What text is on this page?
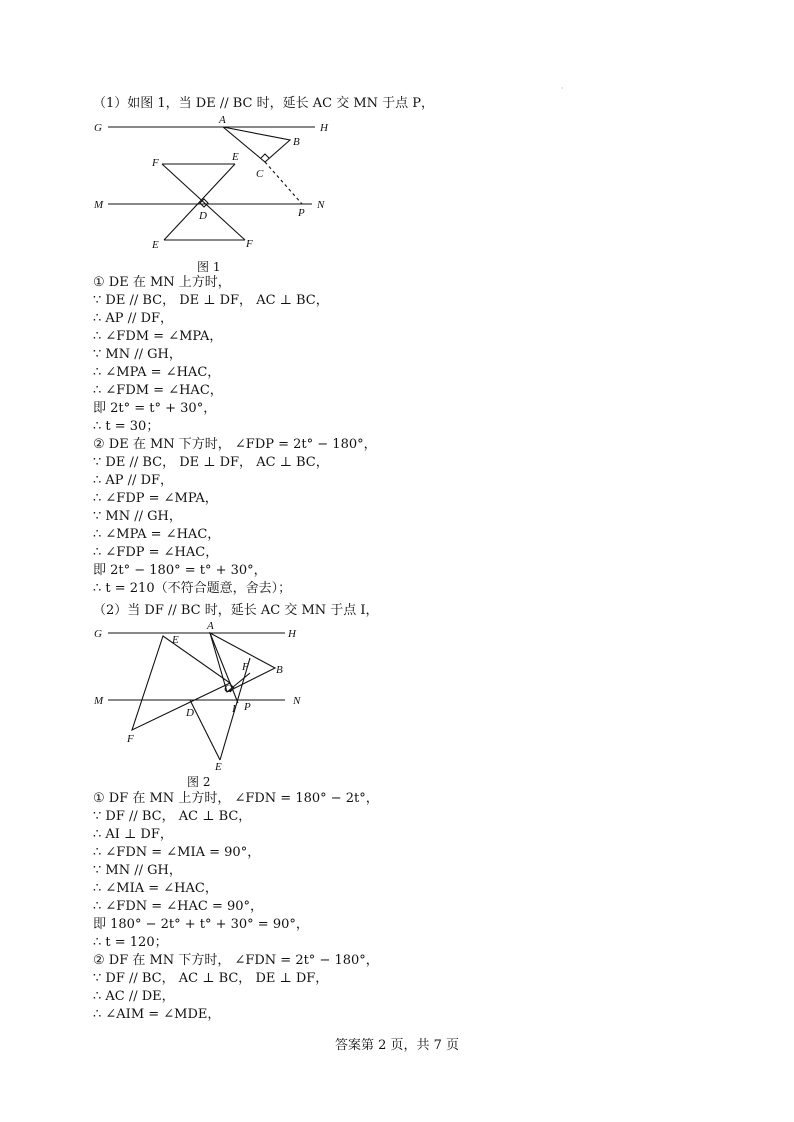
·
（1）如图 1，当 DE // BC 时，延长 AC 交 MN 于点 P，
G	H
A
B
C
F	E
M	N
D	P
E	F
图 1
① DE 在 MN 上方时，
∵ DE // BC， DE ⊥ DF， AC ⊥ BC，
∴ AP // DF，
∴ ∠FDM = ∠MPA，
∵ MN // GH，
∴ ∠MPA = ∠HAC，
∴ ∠FDM = ∠HAC，
即 2t° = t° + 30°，
∴ t = 30；
② DE 在 MN 下方时， ∠FDP = 2t° − 180°，
∵ DE // BC， DE ⊥ DF， AC ⊥ BC，
∴ AP // DF，
∴ ∠FDP = ∠MPA，
∵ MN // GH，
∴ ∠MPA = ∠HAC，
∴ ∠FDP = ∠HAC，
即 2t° − 180° = t° + 30°，
∴ t = 210（不符合题意，舍去）；
（2）当 DF // BC 时，延长 AC 交 MN 于点 I，
G	H
A
E
F B
C
M	N
D	I P
F
E
图 2
① DF 在 MN 上方时， ∠FDN = 180° − 2t°，
∵ DF // BC， AC ⊥ BC，
∴ AI ⊥ DF，
∴ ∠FDN = ∠MIA = 90°，
∵ MN // GH，
∴ ∠MIA = ∠HAC，
∴ ∠FDN = ∠HAC = 90°，
即 180° − 2t° + t° + 30° = 90°，
∴ t = 120；
② DF 在 MN 下方时， ∠FDN = 2t° − 180°，
∵ DF // BC， AC ⊥ BC， DE ⊥ DF，
∴ AC // DE，
∴ ∠AIM = ∠MDE，
答案第 2 页，共 7 页
